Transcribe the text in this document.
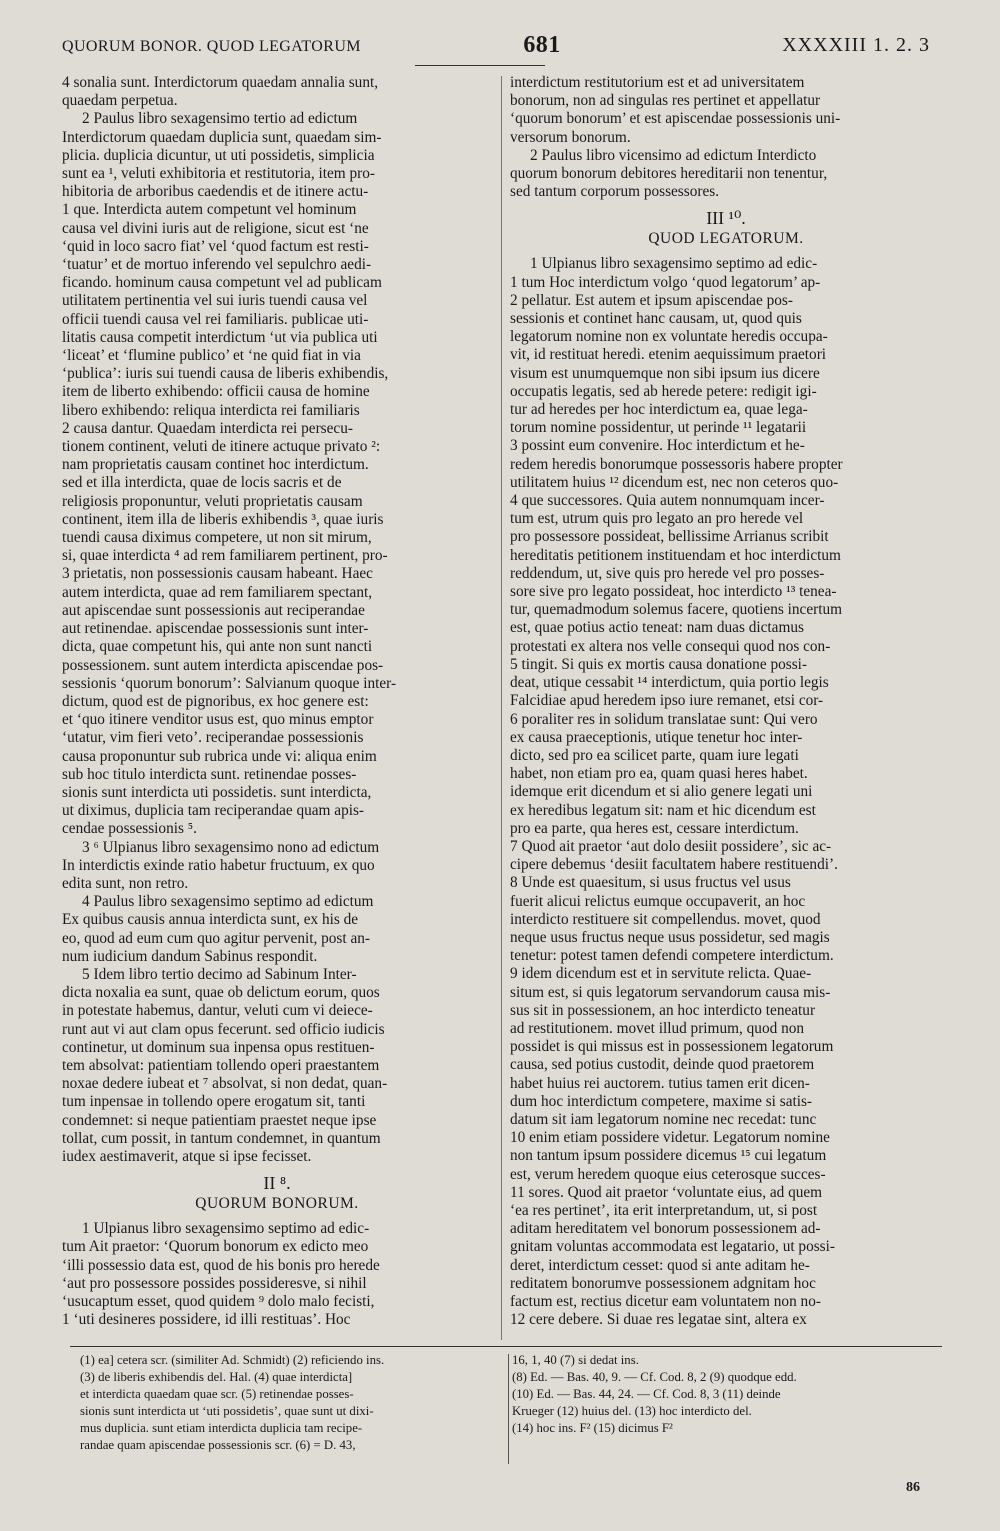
QUORUM BONOR. QUOD LEGATORUM	681	XXXXIII 1. 2. 3
4 sonalia sunt. Interdictorum quaedam annalia sunt,
quaedam perpetua.
2 Paulus libro sexagensimo tertio ad edictum
Interdictorum quaedam duplicia sunt, quaedam sim-
plicia. duplicia dicuntur, ut uti possidetis, simplicia
sunt ea ¹, veluti exhibitoria et restitutoria, item pro-
hibitoria de arboribus caedendis et de itinere actu-
1 que. Interdicta autem competunt vel hominum
causa vel divini iuris aut de religione, sicut est ‘ne
‘quid in loco sacro fiat’ vel ‘quod factum est resti-
‘tuatur’ et de mortuo inferendo vel sepulchro aedi-
ficando. hominum causa competunt vel ad publicam
utilitatem pertinentia vel sui iuris tuendi causa vel
officii tuendi causa vel rei familiaris. publicae uti-
litatis causa competit interdictum ‘ut via publica uti
‘liceat’ et ‘flumine publico’ et ‘ne quid fiat in via
‘publica’: iuris sui tuendi causa de liberis exhibendis,
item de liberto exhibendo: officii causa de homine
libero exhibendo: reliqua interdicta rei familiaris
2 causa dantur. Quaedam interdicta rei persecu-
tionem continent, veluti de itinere actuque privato ²:
nam proprietatis causam continet hoc interdictum.
sed et illa interdicta, quae de locis sacris et de
religiosis proponuntur, veluti proprietatis causam
continent, item illa de liberis exhibendis ³, quae iuris
tuendi causa diximus competere, ut non sit mirum,
si, quae interdicta ⁴ ad rem familiarem pertinent, pro-
3 prietatis, non possessionis causam habeant. Haec
autem interdicta, quae ad rem familiarem spectant,
aut apiscendae sunt possessionis aut reciperandae
aut retinendae. apiscendae possessionis sunt inter-
dicta, quae competunt his, qui ante non sunt nancti
possessionem. sunt autem interdicta apiscendae pos-
sessionis ‘quorum bonorum’: Salvianum quoque inter-
dictum, quod est de pignoribus, ex hoc genere est:
et ‘quo itinere venditor usus est, quo minus emptor
‘utatur, vim fieri veto’. reciperandae possessionis
causa proponuntur sub rubrica unde vi: aliqua enim
sub hoc titulo interdicta sunt. retinendae posses-
sionis sunt interdicta uti possidetis. sunt interdicta,
ut diximus, duplicia tam reciperandae quam apis-
cendae possessionis ⁵.
3 ⁶ Ulpianus libro sexagensimo nono ad edictum
In interdictis exinde ratio habetur fructuum, ex quo
edita sunt, non retro.
4 Paulus libro sexagensimo septimo ad edictum
Ex quibus causis annua interdicta sunt, ex his de
eo, quod ad eum cum quo agitur pervenit, post an-
num iudicium dandum Sabinus respondit.
5 Idem libro tertio decimo ad Sabinum Inter-
dicta noxalia ea sunt, quae ob delictum eorum, quos
in potestate habemus, dantur, veluti cum vi deiece-
runt aut vi aut clam opus fecerunt. sed officio iudicis
continetur, ut dominum sua inpensa opus restituen-
tem absolvat: patientiam tollendo operi praestantem
noxae dedere iubeat et ⁷ absolvat, si non dedat, quan-
tum inpensae in tollendo opere erogatum sit, tanti
condemnet: si neque patientiam praestet neque ipse
tollat, cum possit, in tantum condemnet, in quantum
iudex aestimaverit, atque si ipse fecisset.
II ⁸.
QUORUM BONORUM.
1 Ulpianus libro sexagensimo septimo ad edic-
tum Ait praetor: ‘Quorum bonorum ex edicto meo
‘illi possessio data est, quod de his bonis pro herede
‘aut pro possessore possides possideresve, si nihil
‘usucaptum esset, quod quidem ⁹ dolo malo fecisti,
1 ‘uti desineres possidere, id illi restituas’. Hoc
interdictum restitutorium est et ad universitatem
bonorum, non ad singulas res pertinet et appellatur
‘quorum bonorum’ et est apiscendae possessionis uni-
versorum bonorum.
2 Paulus libro vicensimo ad edictum Interdicto
quorum bonorum debitores hereditarii non tenentur,
sed tantum corporum possessores.
III ¹⁰.
QUOD LEGATORUM.
1 Ulpianus libro sexagensimo septimo ad edic-
1 tum Hoc interdictum volgo ‘quod legatorum’ ap-
2 pellatur. Est autem et ipsum apiscendae pos-
sessionis et continet hanc causam, ut, quod quis
legatorum nomine non ex voluntate heredis occupa-
vit, id restituat heredi. etenim aequissimum praetori
visum est unumquemque non sibi ipsum ius dicere
occupatis legatis, sed ab herede petere: redigit igi-
tur ad heredes per hoc interdictum ea, quae lega-
torum nomine possidentur, ut perinde ¹¹ legatarii
3 possint eum convenire. Hoc interdictum et he-
redem heredis bonorumque possessoris habere propter
utilitatem huius ¹² dicendum est, nec non ceteros quo-
4 que successores. Quia autem nonnumquam incer-
tum est, utrum quis pro legato an pro herede vel
pro possessore possideat, bellissime Arrianus scribit
hereditatis petitionem instituendam et hoc interdictum
reddendum, ut, sive quis pro herede vel pro posses-
sore sive pro legato possideat, hoc interdicto ¹³ tenea-
tur, quemadmodum solemus facere, quotiens incertum
est, quae potius actio teneat: nam duas dictamus
protestati ex altera nos velle consequi quod nos con-
5 tingit. Si quis ex mortis causa donatione possi-
deat, utique cessabit ¹⁴ interdictum, quia portio legis
Falcidiae apud heredem ipso iure remanet, etsi cor-
6 poraliter res in solidum translatae sunt: Qui vero
ex causa praeceptionis, utique tenetur hoc inter-
dicto, sed pro ea scilicet parte, quam iure legati
habet, non etiam pro ea, quam quasi heres habet.
idemque erit dicendum et si alio genere legati uni
ex heredibus legatum sit: nam et hic dicendum est
pro ea parte, qua heres est, cessare interdictum.
7 Quod ait praetor ‘aut dolo desiit possidere’, sic ac-
cipere debemus ‘desiit facultatem habere restituendi’.
8 Unde est quaesitum, si usus fructus vel usus
fuerit alicui relictus eumque occupaverit, an hoc
interdicto restituere sit compellendus. movet, quod
neque usus fructus neque usus possidetur, sed magis
tenetur: potest tamen defendi competere interdictum.
9 idem dicendum est et in servitute relicta. Quae-
situm est, si quis legatorum servandorum causa mis-
sus sit in possessionem, an hoc interdicto teneatur
ad restitutionem. movet illud primum, quod non
possidet is qui missus est in possessionem legatorum
causa, sed potius custodit, deinde quod praetorem
habet huius rei auctorem. tutius tamen erit dicen-
dum hoc interdictum competere, maxime si satis-
datum sit iam legatorum nomine nec recedat: tunc
10 enim etiam possidere videtur. Legatorum nomine
non tantum ipsum possidere dicemus ¹⁵ cui legatum
est, verum heredem quoque eius ceterosque succes-
11 sores. Quod ait praetor ‘voluntate eius, ad quem
‘ea res pertinet’, ita erit interpretandum, ut, si post
aditam hereditatem vel bonorum possessionem ad-
gnitam voluntas accommodata est legatario, ut possi-
deret, interdictum cesset: quod si ante aditam he-
reditatem bonorumve possessionem adgnitam hoc
factum est, rectius dicetur eam voluntatem non no-
12 cere debere. Si duae res legatae sint, altera ex
(1) ea] cetera scr. (similiter Ad. Schmidt) (2) reficiendo ins.
(3) de liberis exhibendis del. Hal. (4) quae interdicta]
et interdicta quaedam quae scr. (5) retinendae posses-
sionis sunt interdicta ut ‘uti possidetis’, quae sunt ut dixi-
mus duplicia. sunt etiam interdicta duplicia tam recipe-
randae quam apiscendae possessionis scr. (6) = D. 43,
16, 1, 40 (7) si dedat ins.
(8) Ed. — Bas. 40, 9. — Cf. Cod. 8, 2 (9) quodque edd.
(10) Ed. — Bas. 44, 24. — Cf. Cod. 8, 3 (11) deinde
Krueger (12) huius del. (13) hoc interdicto del.
(14) hoc ins. F² (15) dicimus F²
86
